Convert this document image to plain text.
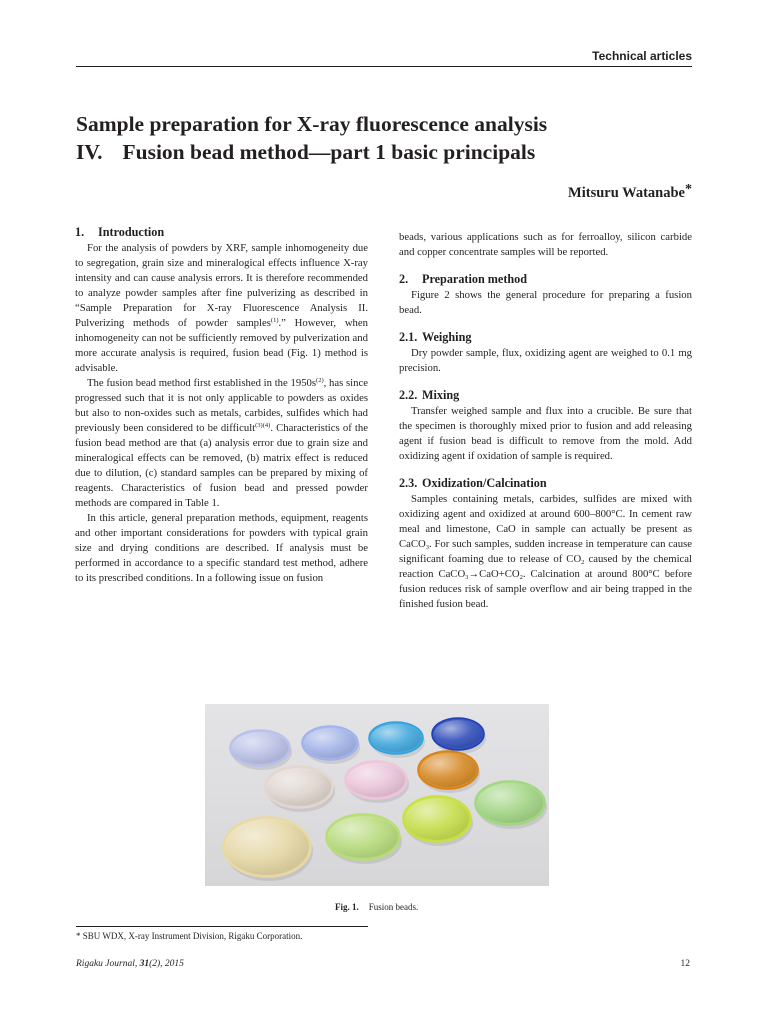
Technical articles
Sample preparation for X-ray fluorescence analysis
IV. Fusion bead method—part 1 basic principals
Mitsuru Watanabe*
1. Introduction

For the analysis of powders by XRF, sample inhomogeneity due to segregation, grain size and mineralogical effects influence X-ray intensity and can cause analysis errors. It is therefore recommended to analyze powder samples after fine pulverizing as described in “Sample Preparation for X-ray Fluorescence Analysis II. Pulverizing methods of powder samples$^{(1)}$.” However, when inhomogeneity can not be sufficiently removed by pulverization and more accurate analysis is required, fusion bead (Fig. 1) method is advisable.

The fusion bead method first established in the $1950s^{(2)}$, has since progressed such that it is not only applicable to powders as oxides but also to non-oxides such as metals, carbides, sulfides which had previously been considered to be difficult$^{(3)(4)}$. Characteristics of the fusion bead method are that (a) analysis error due to grain size and mineralogical effects can be removed, (b) matrix effect is reduced due to dilution, (c) standard samples can be prepared by mixing of reagents. Characteristics of fusion bead and pressed powder methods are compared in Table 1.

In this article, general preparation methods, equipment, reagents and other important considerations for powders with typical grain size and drying conditions are described. If analysis must be performed in accordance to a specific standard test method, adhere to its prescribed conditions. In a following issue on fusion

beads, various applications such as for ferroalloy, silicon carbide and copper concentrate samples will be reported.

2. Preparation method

Figure 2 shows the general procedure for preparing a fusion bead.

2.1. Weighing

Dry powder sample, flux, oxidizing agent are weighed to 0.1 mg precision.

2.2. Mixing

Transfer weighed sample and flux into a crucible. Be sure that the specimen is thoroughly mixed prior to fusion and add releasing agent if fusion bead is difficult to remove from the mold. Add oxidizing agent if oxidation of sample is required.

2.3. Oxidization/Calcination

Samples containing metals, carbides, sulfides are mixed with oxidizing agent and oxidized at around 600–800°C. In cement raw meal and limestone, CaO in sample can actually be present as CaCO$_3$. For such samples, sudden increase in temperature can cause significant foaming due to release of $CO_2$ caused by the chemical reaction $CaCO_3\to CaO+CO_2$. Calcination at around 800°C before fusion reduces risk of sample overflow and air being trapped in the finished fusion bead.

Fig. 1. Fusion beads.
* SBU WDX, X-ray Instrument Division, Rigaku Corporation.
Rigaku Journal, 31(2), 2015	12
